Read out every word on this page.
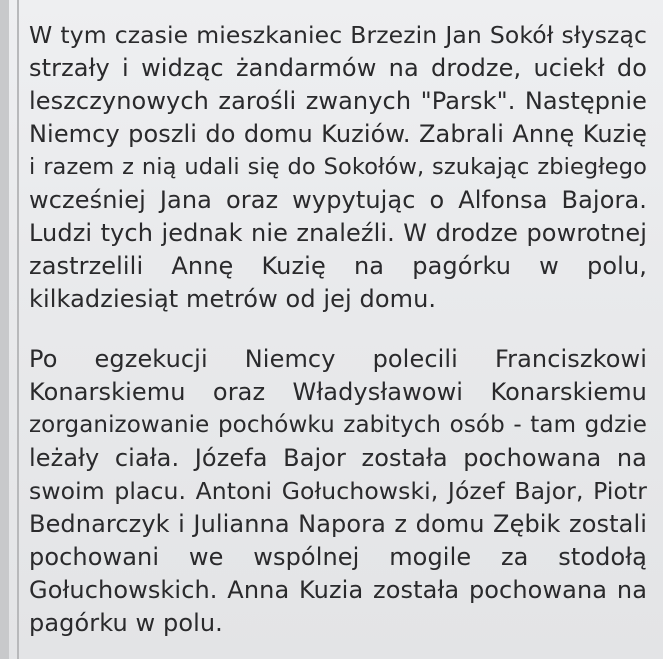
W tym czasie mieszkaniec Brzezin Jan Sokół słysząc
strzały i widząc żandarmów na drodze, uciekł do
leszczynowych zarośli zwanych "Parsk". Następnie
Niemcy poszli do domu Kuziów. Zabrali Annę Kuzię
i razem z nią udali się do Sokołów, szukając zbiegłego
wcześniej Jana oraz wypytując o Alfonsa Bajora.
Ludzi tych jednak nie znaleźli. W drodze powrotnej
zastrzelili Annę Kuzię na pagórku w polu,
kilkadziesiąt metrów od jej domu.
Po egzekucji Niemcy polecili Franciszkowi
Konarskiemu oraz Władysławowi Konarskiemu
zorganizowanie pochówku zabitych osób - tam gdzie
leżały ciała. Józefa Bajor została pochowana na
swoim placu. Antoni Gołuchowski, Józef Bajor, Piotr
Bednarczyk i Julianna Napora z domu Zębik zostali
pochowani we wspólnej mogile za stodołą
Gołuchowskich. Anna Kuzia została pochowana na
pagórku w polu.
